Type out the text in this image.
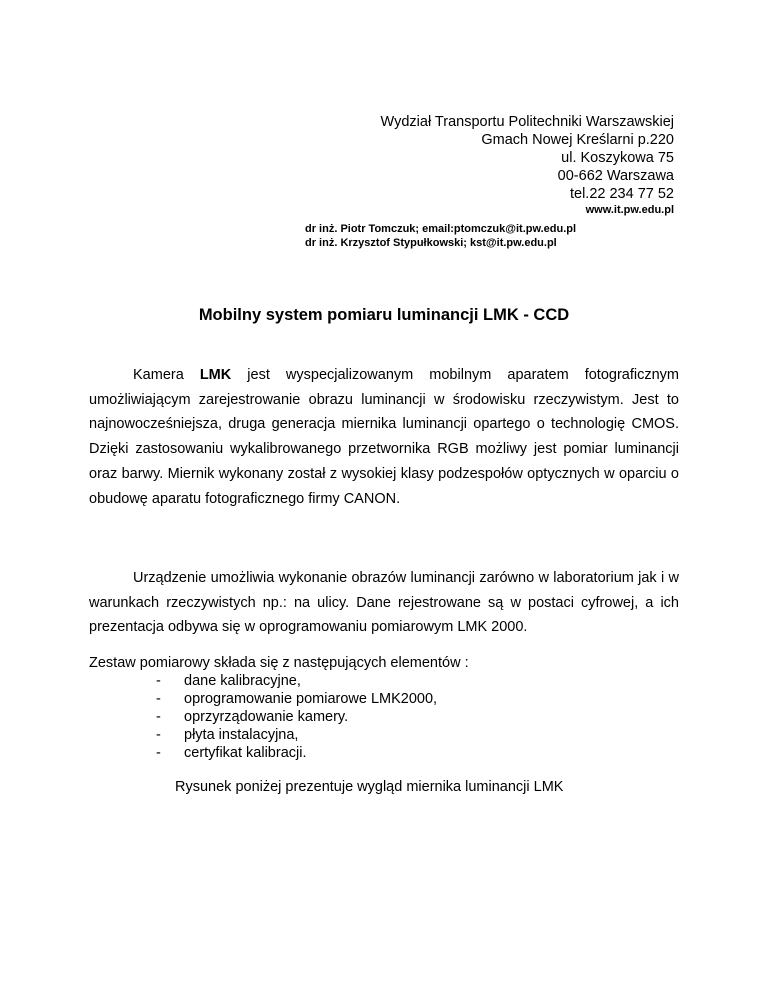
Wydział Transportu Politechniki Warszawskiej
Gmach Nowej Kreślarni p.220
ul. Koszykowa 75
00-662 Warszawa
tel.22 234 77 52
www.it.pw.edu.pl
dr inż. Piotr Tomczuk; email:ptomczuk@it.pw.edu.pl
dr inż. Krzysztof Stypułkowski; kst@it.pw.edu.pl
Mobilny system pomiaru luminancji LMK - CCD

Kamera LMK jest wyspecjalizowanym mobilnym aparatem fotograficznym umożliwiającym zarejestrowanie obrazu luminancji w środowisku rzeczywistym. Jest to najnowocześniejsza, druga generacja miernika luminancji opartego o technologię CMOS. Dzięki zastosowaniu wykalibrowanego przetwornika RGB możliwy jest pomiar luminancji oraz barwy. Miernik wykonany został z wysokiej klasy podzespołów optycznych w oparciu o obudowę aparatu fotograficznego firmy CANON.

Urządzenie umożliwia wykonanie obrazów luminancji zarówno w laboratorium jak i w warunkach rzeczywistych np.: na ulicy. Dane rejestrowane są w postaci cyfrowej, a ich prezentacja odbywa się w oprogramowaniu pomiarowym LMK 2000.

Zestaw pomiarowy składa się z następujących elementów :

- dane kalibracyjne,
- oprogramowanie pomiarowe LMK2000,
- oprzyrządowanie kamery.
- płyta instalacyjna,
- certyfikat kalibracji.

Rysunek poniżej prezentuje wygląd miernika luminancji LMK
